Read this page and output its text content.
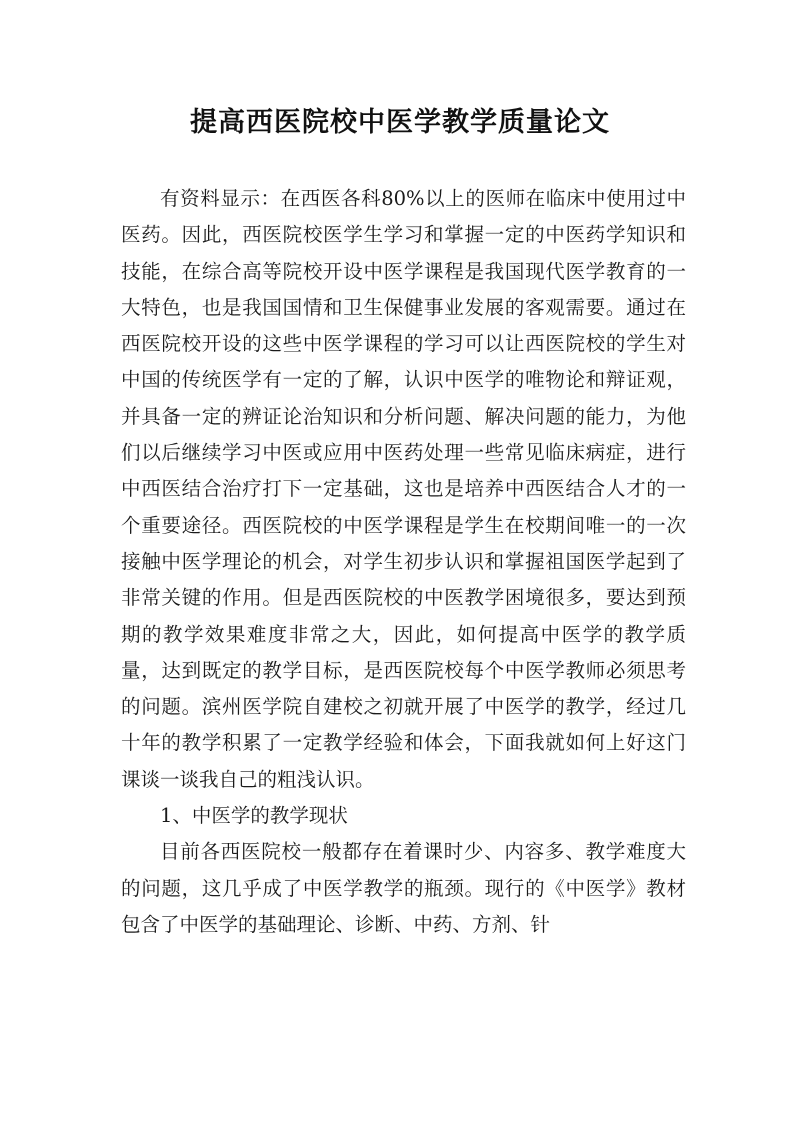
提高西医院校中医学教学质量论文

有资料显示：在西医各科80%以上的医师在临床中使用过中医药。因此，西医院校医学生学习和掌握一定的中医药学知识和技能，在综合高等院校开设中医学课程是我国现代医学教育的一大特色，也是我国国情和卫生保健事业发展的客观需要。通过在西医院校开设的这些中医学课程的学习可以让西医院校的学生对中国的传统医学有一定的了解，认识中医学的唯物论和辩证观，并具备一定的辨证论治知识和分析问题、解决问题的能力，为他们以后继续学习中医或应用中医药处理一些常见临床病症，进行中西医结合治疗打下一定基础，这也是培养中西医结合人才的一个重要途径。西医院校的中医学课程是学生在校期间唯一的一次接触中医学理论的机会，对学生初步认识和掌握祖国医学起到了非常关键的作用。但是西医院校的中医教学困境很多，要达到预期的教学效果难度非常之大，因此，如何提高中医学的教学质量，达到既定的教学目标，是西医院校每个中医学教师必须思考的问题。滨州医学院自建校之初就开展了中医学的教学，经过几十年的教学积累了一定教学经验和体会，下面我就如何上好这门课谈一谈我自己的粗浅认识。

1、中医学的教学现状

目前各西医院校一般都存在着课时少、内容多、教学难度大的问题，这几乎成了中医学教学的瓶颈。现行的《中医学》教材包含了中医学的基础理论、诊断、中药、方剂、针
